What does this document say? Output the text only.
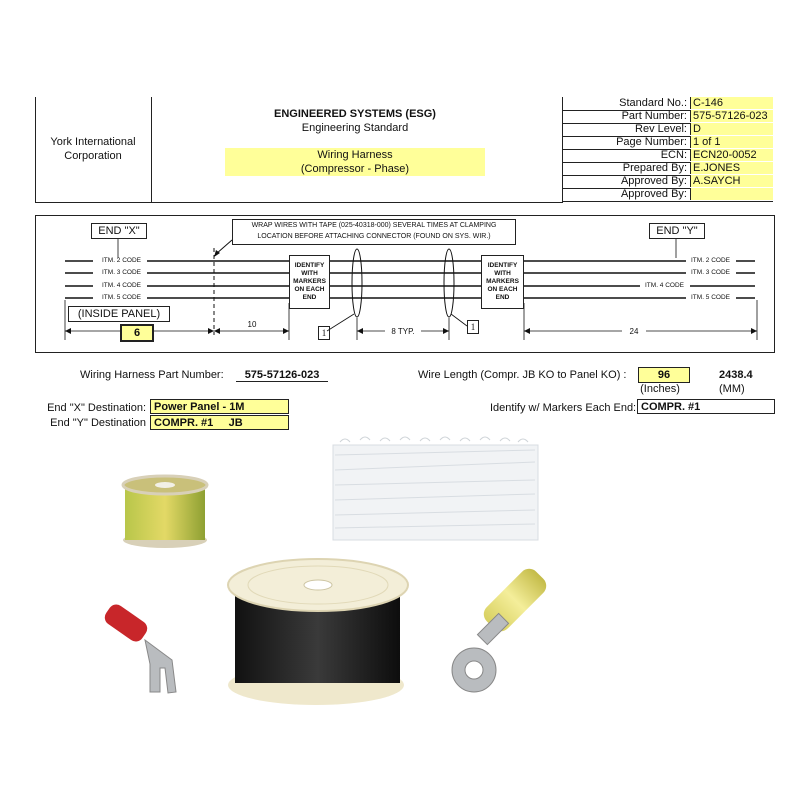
York International Corporation
ENGINEERED SYSTEMS (ESG)
Engineering Standard
Wiring Harness
(Compressor - Phase)
Standard No.: C-146
Part Number: 575-57126-023
Rev Level: D
Page Number: 1 of 1
ECN: ECN20-0052
Prepared By: E.JONES
Approved By: A.SAYCH
Approved By:
END "X"	END "Y"
WRAP WIRES WITH TAPE (025-40318-000) SEVERAL TIMES AT CLAMPING
LOCATION BEFORE ATTACHING CONNECTOR (FOUND ON SYS. WIR.)
ITM. 2 CODE
ITM. 3 CODE
ITM. 4 CODE
ITM. 5 CODE
ITM. 2 CODE
ITM. 3 CODE
ITM. 4 CODE
ITM. 5 CODE
IDENTIFY
WITH
MARKERS
ON EACH
END
IDENTIFY
WITH
MARKERS
ON EACH
END
1
1
(INSIDE PANEL)
6
10
8 TYP.	24
Wiring Harness Part Number:	575-57126-023	Wire Length (Compr. JB KO to Panel KO) :	96
(Inches)
2438.4
(MM)
End "X" Destination: Power Panel - 1M
End "Y" Destination COMPR. #1     JB
Identify w/ Markers Each End: COMPR. #1
